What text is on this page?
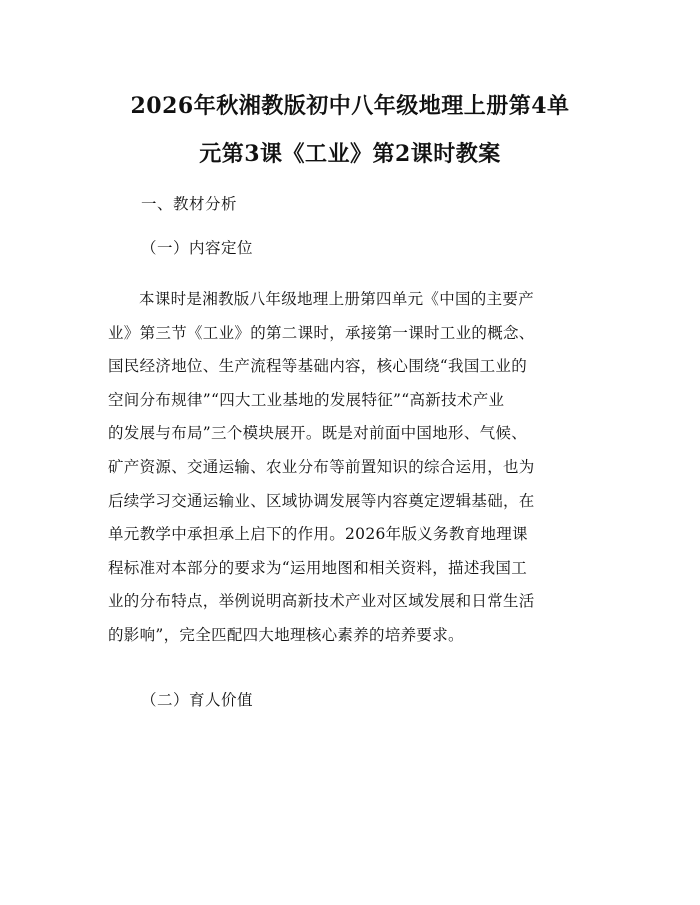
2026年秋湘教版初中八年级地理上册第4单
元第3课《工业》第2课时教案

一、教材分析

（一）内容定位

本课时是湘教版八年级地理上册第四单元《中国的主要产
业》第三节《工业》的第二课时，承接第一课时工业的概念、
国民经济地位、生产流程等基础内容，核心围绕“我国工业的
空间分布规律”“四大工业基地的发展特征”“高新技术产业
的发展与布局”三个模块展开。既是对前面中国地形、气候、
矿产资源、交通运输、农业分布等前置知识的综合运用，也为
后续学习交通运输业、区域协调发展等内容奠定逻辑基础，在
单元教学中承担承上启下的作用。2026年版义务教育地理课
程标准对本部分的要求为“运用地图和相关资料，描述我国工
业的分布特点，举例说明高新技术产业对区域发展和日常生活
的影响”，完全匹配四大地理核心素养的培养要求。

（二）育人价值
